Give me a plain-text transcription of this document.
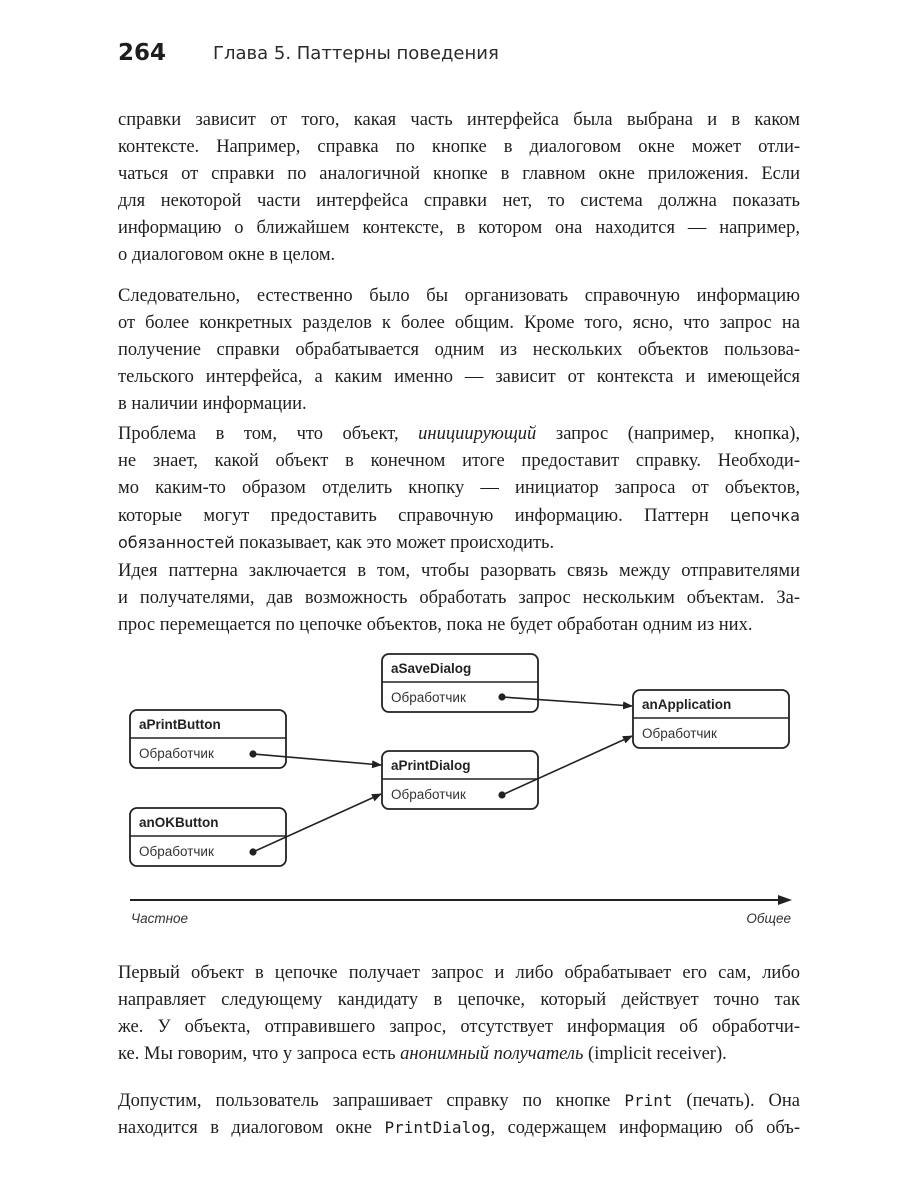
264	Глава 5. Паттерны поведения
справки зависит от того, какая часть интерфейса была выбрана и в каком
контексте. Например, справка по кнопке в диалоговом окне может отли-
чаться от справки по аналогичной кнопке в главном окне приложения. Если
для некоторой части интерфейса справки нет, то система должна показать
информацию о ближайшем контексте, в котором она находится — например,
о диалоговом окне в целом.
Следовательно, естественно было бы организовать справочную информацию
от более конкретных разделов к более общим. Кроме того, ясно, что запрос на
получение справки обрабатывается одним из нескольких объектов пользова-
тельского интерфейса, а каким именно — зависит от контекста и имеющейся
в наличии информации.
Проблема в том, что объект, инициирующий запрос (например, кнопка),
не знает, какой объект в конечном итоге предоставит справку. Необходи-
мо каким-то образом отделить кнопку — инициатор запроса от объектов,
которые могут предоставить справочную информацию. Паттерн цепочка
обязанностей показывает, как это может происходить.
Идея паттерна заключается в том, чтобы разорвать связь между отправителями
и получателями, дав возможность обработать запрос нескольким объектам. За-
прос перемещается по цепочке объектов, пока не будет обработан одним из них.
Первый объект в цепочке получает запрос и либо обрабатывает его сам, либо
направляет следующему кандидату в цепочке, который действует точно так
же. У объекта, отправившего запрос, отсутствует информация об обработчи-
ке. Мы говорим, что у запроса есть анонимный получатель (implicit receiver).
Допустим, пользователь запрашивает справку по кнопке Print (печать). Она
находится в диалоговом окне PrintDialog, содержащем информацию об объ-
aSaveDialog
Обработчик
aPrintButton
Обработчик
aPrintDialog
Обработчик
anOKButton
Обработчик
anApplication
Обработчик
Частное	Общее
